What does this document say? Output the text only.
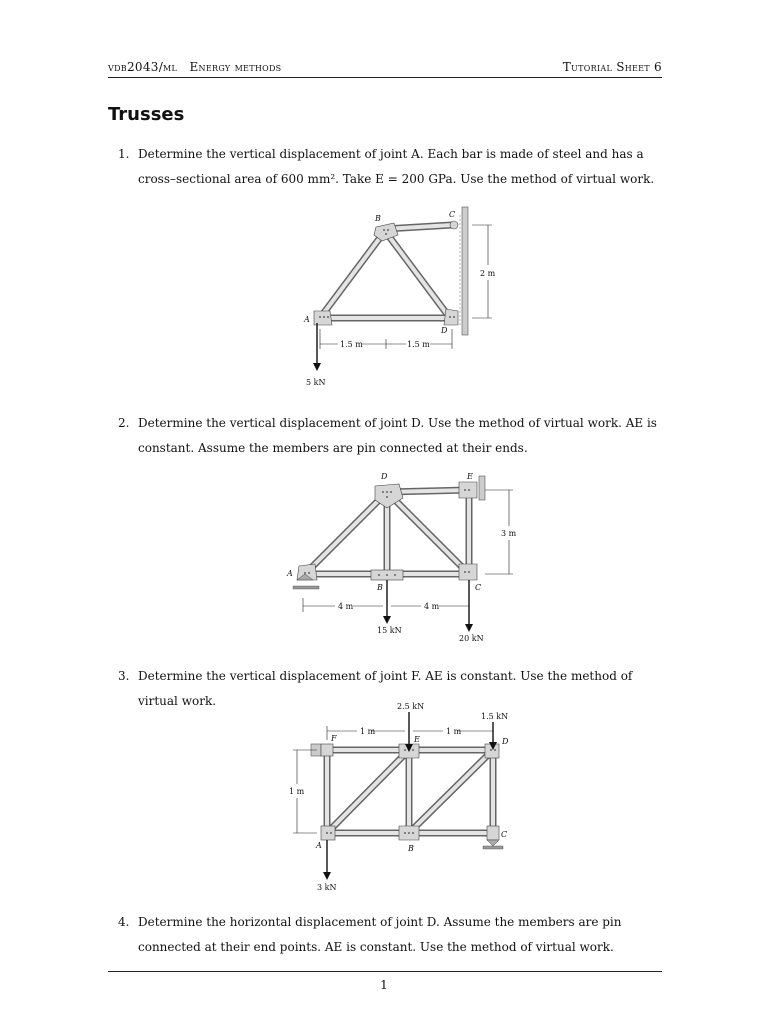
vdb2043/ml   Energy methods	Tutorial Sheet 6
Trusses
1. Determine the vertical displacement of joint A. Each bar is made of steel and has a cross–sectional area of 600 mm². Take E = 200 GPa. Use the method of virtual work.
B	C
A
D
2 m
1.5 m	1.5 m
5 kN
2. Determine the vertical displacement of joint D. Use the method of virtual work. AE is constant. Assume the members are pin connected at their ends.
D	E
A
B	C
3 m
4 m	4 m
15 kN
20 kN
3. Determine the vertical displacement of joint F. AE is constant. Use the method of virtual work.
F	E	D
A	B
C
1 m	1 m
1 m
2.5 kN
1.5 kN
3 kN
4. Determine the horizontal displacement of joint D. Assume the members are pin connected at their end points. AE is constant. Use the method of virtual work.
1
